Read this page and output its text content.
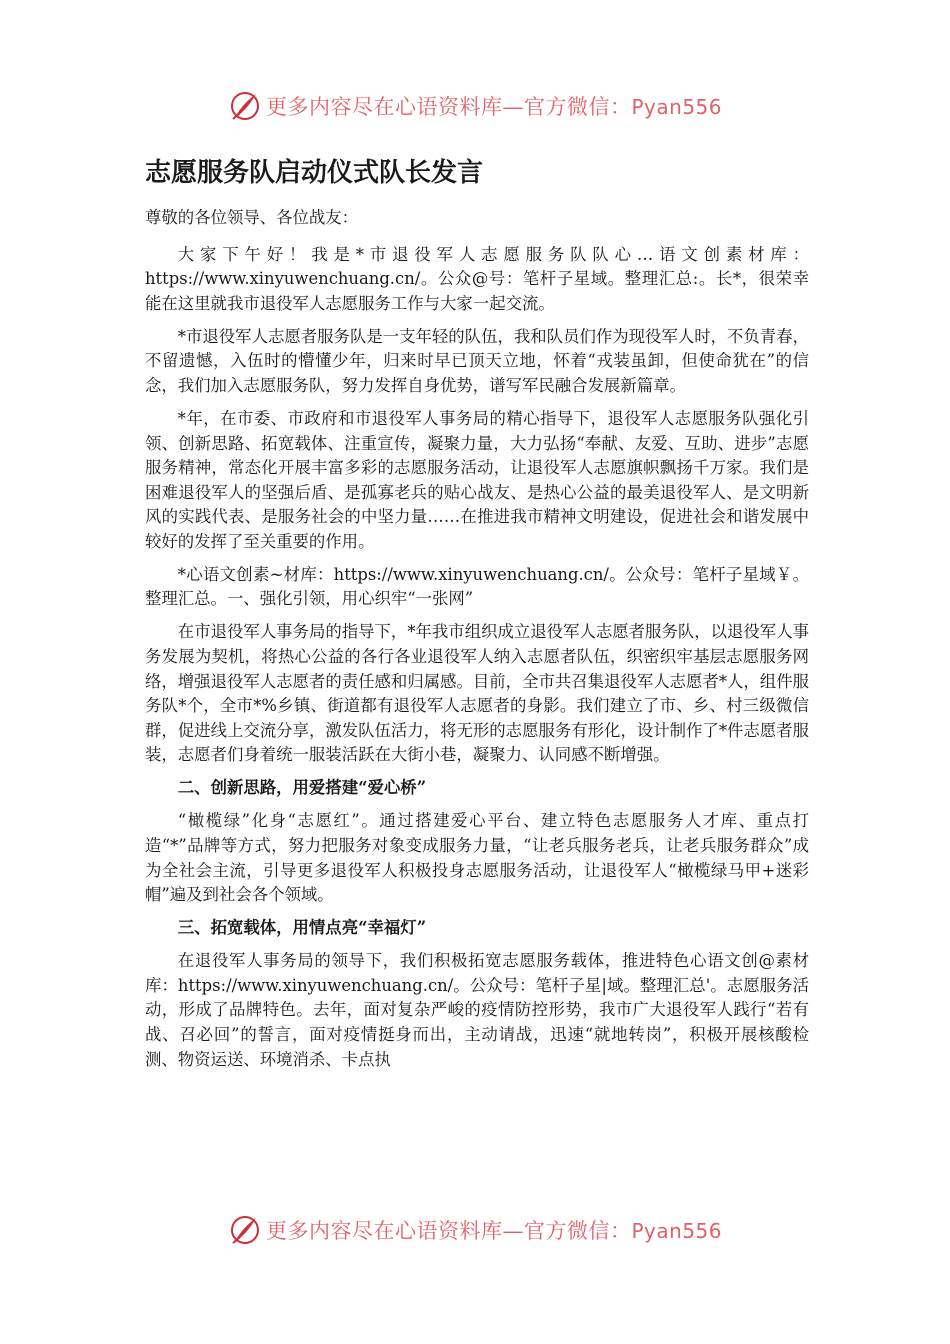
更多内容尽在心语资料库—官方微信：Pyan556
志愿服务队启动仪式队长发言

尊敬的各位领导、各位战友：

大家下午好！我是*市退役军人志愿服务队队心…语文创素材库：https://www.xinyuwenchuang.cn/。公众@号：笔杆子星域。整理汇总:。长*，很荣幸能在这里就我市退役军人志愿服务工作与大家一起交流。

*市退役军人志愿者服务队是一支年轻的队伍，我和队员们作为现役军人时，不负青春，不留遗憾，入伍时的懵懂少年，归来时早已顶天立地，怀着“戎装虽卸，但使命犹在”的信念，我们加入志愿服务队，努力发挥自身优势，谱写军民融合发展新篇章。

*年，在市委、市政府和市退役军人事务局的精心指导下，退役军人志愿服务队强化引领、创新思路、拓宽载体、注重宣传，凝聚力量，大力弘扬“奉献、友爱、互助、进步”志愿服务精神，常态化开展丰富多彩的志愿服务活动，让退役军人志愿旗帜飘扬千万家。我们是困难退役军人的坚强后盾、是孤寡老兵的贴心战友、是热心公益的最美退役军人、是文明新风的实践代表、是服务社会的中坚力量……在推进我市精神文明建设，促进社会和谐发展中较好的发挥了至关重要的作用。

*心语文创素~材库：https://www.xinyuwenchuang.cn/。公众号：笔杆子星域￥。整理汇总。一、强化引领，用心织牢“一张网”

在市退役军人事务局的指导下，*年我市组织成立退役军人志愿者服务队，以退役军人事务发展为契机，将热心公益的各行各业退役军人纳入志愿者队伍，织密织牢基层志愿服务网络，增强退役军人志愿者的责任感和归属感。目前，全市共召集退役军人志愿者*人，组件服务队*个，全市*%乡镇、街道都有退役军人志愿者的身影。我们建立了市、乡、村三级微信群，促进线上交流分享，激发队伍活力，将无形的志愿服务有形化，设计制作了*件志愿者服装，志愿者们身着统一服装活跃在大街小巷，凝聚力、认同感不断增强。

二、创新思路，用爱搭建“爱心桥”

“橄榄绿”化身“志愿红”。通过搭建爱心平台、建立特色志愿服务人才库、重点打造“*”品牌等方式，努力把服务对象变成服务力量，“让老兵服务老兵，让老兵服务群众”成为全社会主流，引导更多退役军人积极投身志愿服务活动，让退役军人“橄榄绿马甲+迷彩帽”遍及到社会各个领域。

三、拓宽载体，用情点亮“幸福灯”

在退役军人事务局的领导下，我们积极拓宽志愿服务载体，推进特色心语文创@素材库：https://www.xinyuwenchuang.cn/。公众号：笔杆子星|域。整理汇总'。志愿服务活动，形成了品牌特色。去年，面对复杂严峻的疫情防控形势，我市广大退役军人践行“若有战、召必回”的誓言，面对疫情挺身而出，主动请战，迅速“就地转岗”，积极开展核酸检测、物资运送、环境消杀、卡点执

更多内容尽在心语资料库—官方微信：Pyan556
